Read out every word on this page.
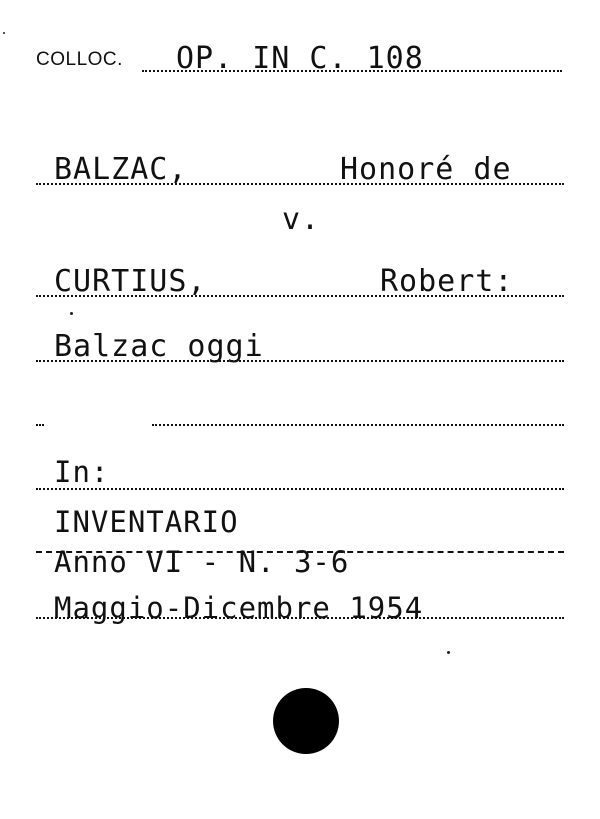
COLLOC. OP. IN C. 108
BALZAC,	Honoré de
v.
CURTIUS,	Robert:
Balzac oggi
In:
INVENTARIO
Anno VI - N. 3-6
Maggio-Dicembre 1954
